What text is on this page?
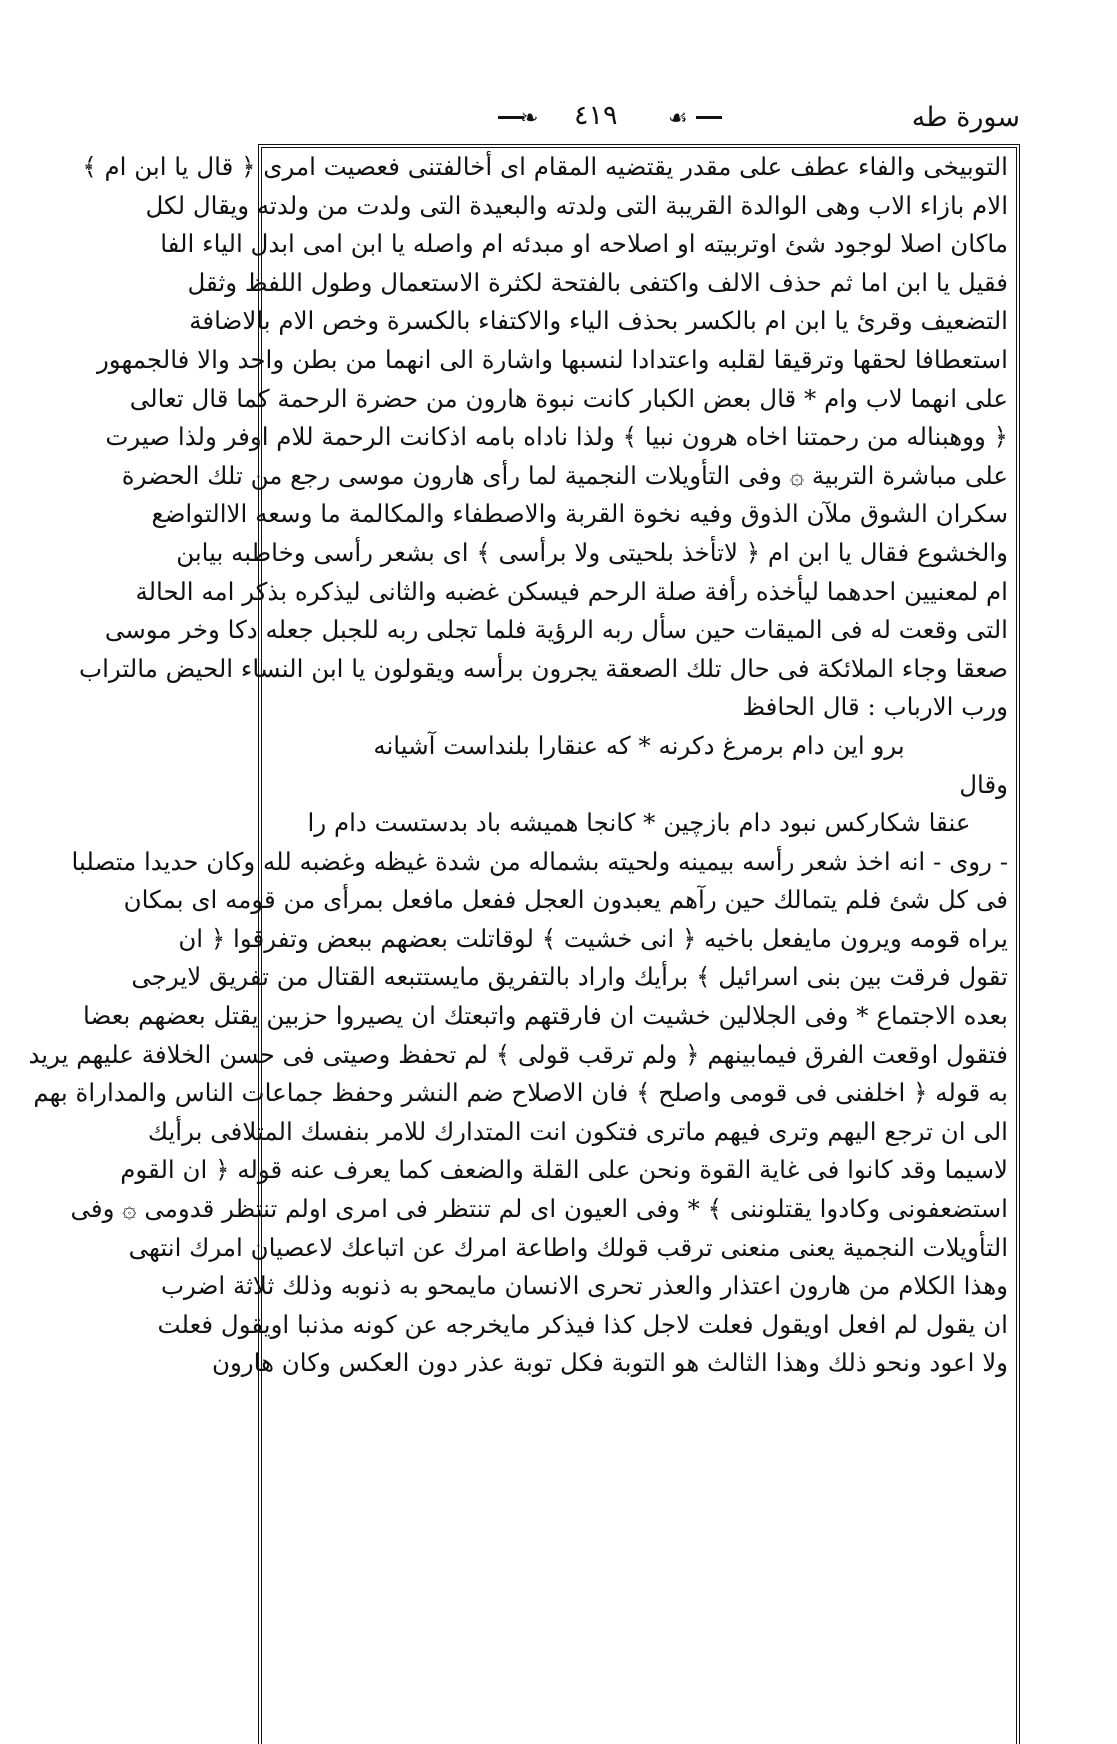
سورة طه
❧ ٤١٩ ☙
التوبيخى والفاء عطف على مقدر يقتضيه المقام اى أخالفتنى فعصيت امرى ﴿ قال يا ابن ام ﴾
الام بازاء الاب وهى الوالدة القريبة التى ولدته والبعيدة التى ولدت من ولدته ويقال لكل
ماكان اصلا لوجود شئ اوتربيته او اصلاحه او مبدئه ام واصله يا ابن امى ابدل الياء الفا
فقيل يا ابن اما ثم حذف الالف واكتفى بالفتحة لكثرة الاستعمال وطول اللفظ وثقل
التضعيف وقرئ يا ابن ام بالكسر بحذف الياء والاكتفاء بالكسرة وخص الام بالاضافة
استعطافا لحقها وترقيقا لقلبه واعتدادا لنسبها واشارة الى انهما من بطن واحد والا فالجمهور
على انهما لاب وام * قال بعض الكبار كانت نبوة هارون من حضرة الرحمة كما قال تعالى
﴿ ووهبناله من رحمتنا اخاه هرون نبيا ﴾ ولذا ناداه بامه اذكانت الرحمة للام اوفر ولذا صيرت
على مباشرة التربية ۞ وفى التأويلات النجمية لما رأى هارون موسى رجع من تلك الحضرة
سكران الشوق ملآن الذوق وفيه نخوة القربة والاصطفاء والمكالمة ما وسعه الاالتواضع
والخشوع فقال يا ابن ام ﴿ لاتأخذ بلحيتى ولا برأسى ﴾ اى بشعر رأسى وخاطبه بيابن
ام لمعنيين احدهما ليأخذه رأفة صلة الرحم فيسكن غضبه والثانى ليذكره بذكر امه الحالة
التى وقعت له فى الميقات حين سأل ربه الرؤية فلما تجلى ربه للجبل جعله دكا وخر موسى
صعقا وجاء الملائكة فى حال تلك الصعقة يجرون برأسه ويقولون يا ابن النساء الحيض مالتراب
ورب الارباب : قال الحافظ
برو اين دام برمرغ دكرنه * كه عنقارا بلنداست آشيانه
وقال
عنقا شكاركس نبود دام بازچين * كانجا هميشه باد بدستست دام را
- روى - انه اخذ شعر رأسه بيمينه ولحيته بشماله من شدة غيظه وغضبه لله وكان حديدا متصلبا
فى كل شئ فلم يتمالك حين رآهم يعبدون العجل ففعل مافعل بمرأى من قومه اى بمكان
يراه قومه ويرون مايفعل باخيه ﴿ انى خشيت ﴾ لوقاتلت بعضهم ببعض وتفرقوا ﴿ ان
تقول فرقت بين بنى اسرائيل ﴾ برأيك واراد بالتفريق مايستتبعه القتال من تفريق لايرجى
بعده الاجتماع * وفى الجلالين خشيت ان فارقتهم واتبعتك ان يصيروا حزبين يقتل بعضهم بعضا
فتقول اوقعت الفرق فيمابينهم ﴿ ولم ترقب قولى ﴾ لم تحفظ وصيتى فى حسن الخلافة عليهم يريد
به قوله ﴿ اخلفنى فى قومى واصلح ﴾ فان الاصلاح ضم النشر وحفظ جماعات الناس والمداراة بهم
الى ان ترجع اليهم وترى فيهم ماترى فتكون انت المتدارك للامر بنفسك المتلافى برأيك
لاسيما وقد كانوا فى غاية القوة ونحن على القلة والضعف كما يعرف عنه قوله ﴿ ان القوم
استضعفونى وكادوا يقتلوننى ﴾ * وفى العيون اى لم تنتظر فى امرى اولم تنتظر قدومى ۞ وفى
التأويلات النجمية يعنى منعنى ترقب قولك واطاعة امرك عن اتباعك لاعصيان امرك انتهى
وهذا الكلام من هارون اعتذار والعذر تحرى الانسان مايمحو به ذنوبه وذلك ثلاثة اضرب
ان يقول لم افعل اويقول فعلت لاجل كذا فيذكر مايخرجه عن كونه مذنبا اويقول فعلت
ولا اعود ونحو ذلك وهذا الثالث هو التوبة فكل توبة عذر دون العكس وكان هارون
